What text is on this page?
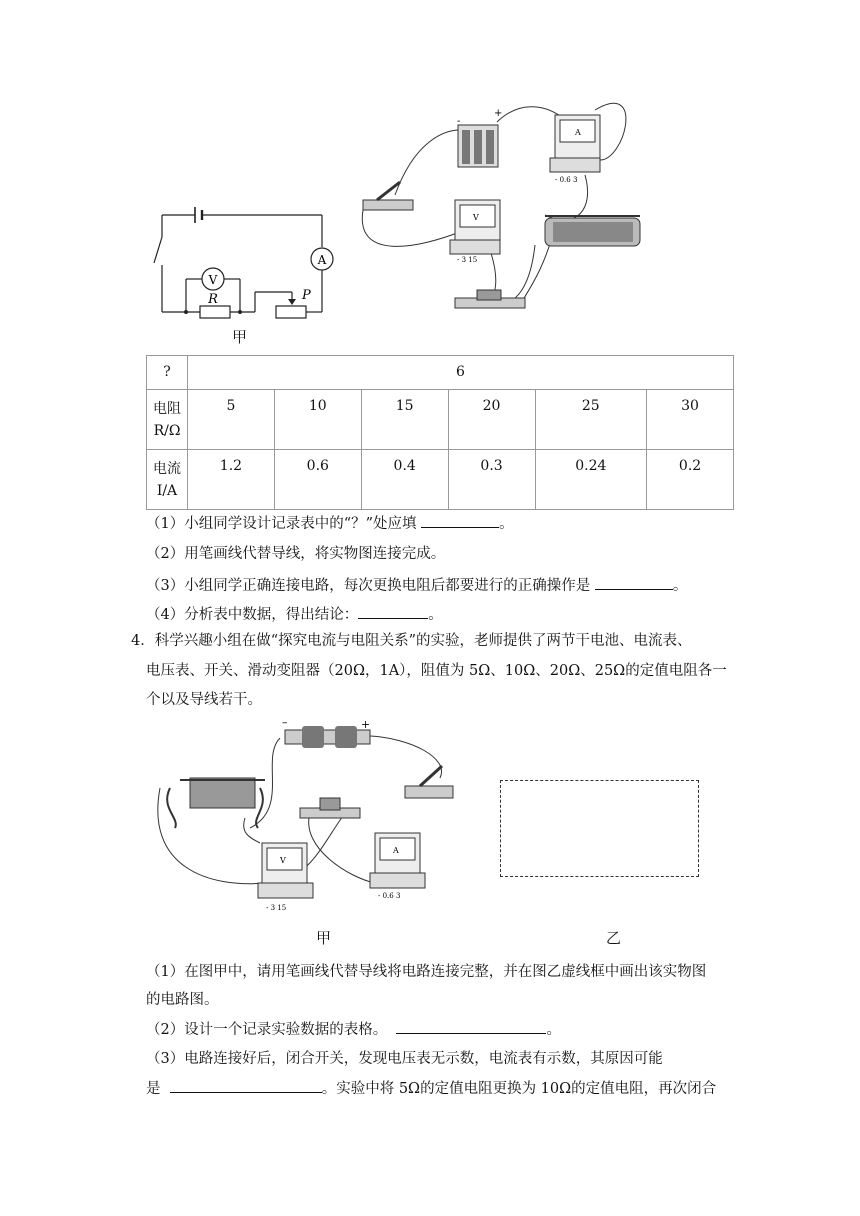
A
V
R	P
甲
-
+
A
- 0.6 3
V
- 3 15
?	6					
电阻
R/Ω	5	10	15	20	25	30
电流
I/A	1.2	0.6	0.4	0.3	0.24	0.2
（1）小组同学设计记录表中的“？”处应填	。
（2）用笔画线代替导线，将实物图连接完成。
（3）小组同学正确连接电路，每次更换电阻后都要进行的正确操作是	。
（4）分析表中数据，得出结论：	。
4．科学兴趣小组在做“探究电流与电阻关系”的实验，老师提供了两节干电池、电流表、
电压表、开关、滑动变阻器（20Ω，1A），阻值为 5Ω、10Ω、20Ω、25Ω的定值电阻各一
个以及导线若干。
–	+
V
- 3 15
A
- 0.6 3
甲	乙
（1）在图甲中，请用笔画线代替导线将电路连接完整，并在图乙虚线框中画出该实物图
的电路图。
（2）设计一个记录实验数据的表格。	。
（3）电路连接好后，闭合开关，发现电压表无示数，电流表有示数，其原因可能
是	。实验中将 5Ω的定值电阻更换为 10Ω的定值电阻，再次闭合
